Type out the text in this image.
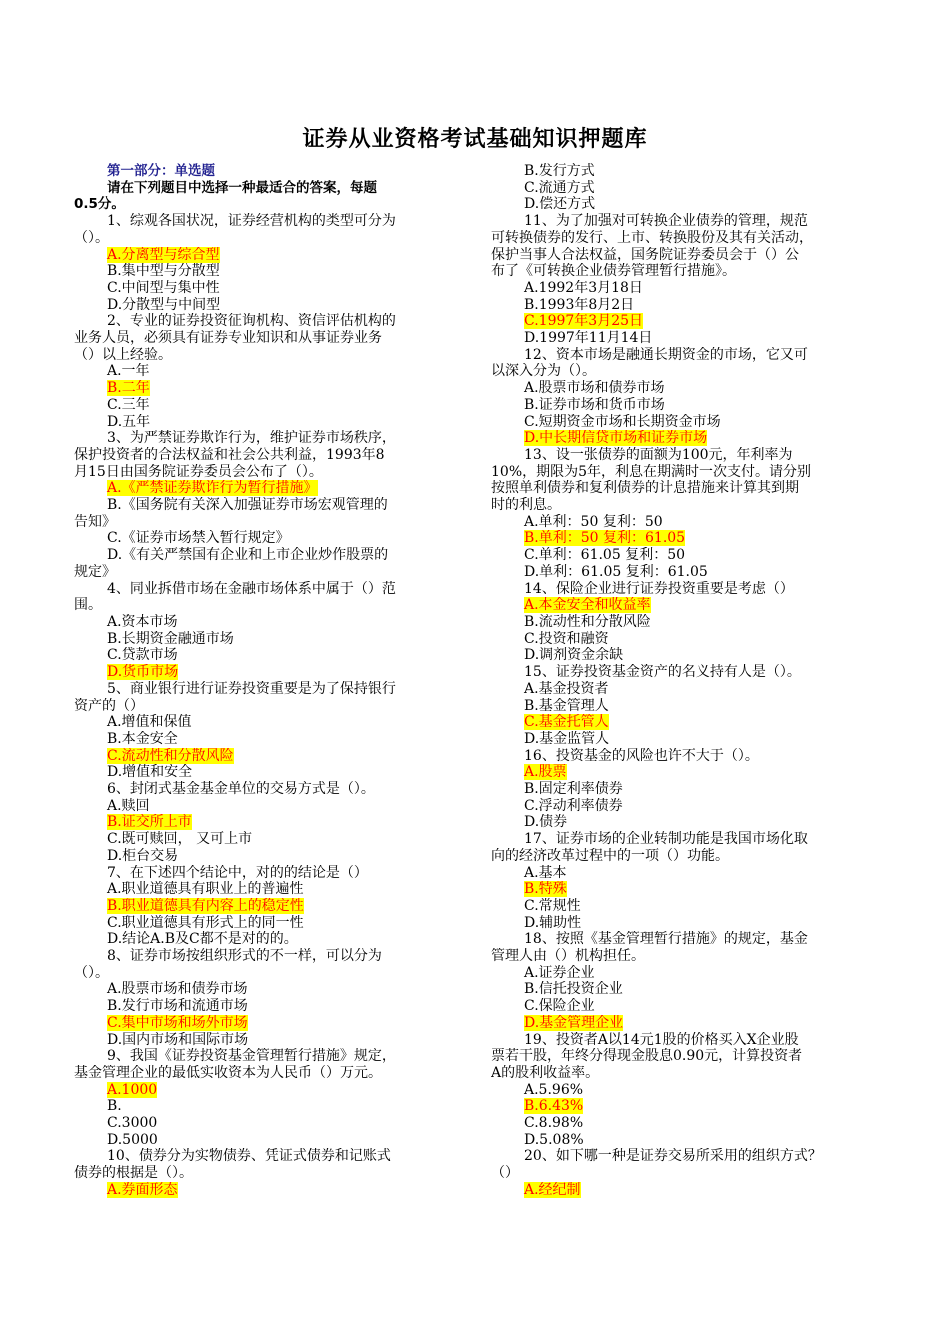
证券从业资格考试基础知识押题库
第一部分：单选题
请在下列题目中选择一种最适合的答案，每题
0.5分。
1、综观各国状况，证券经营机构的类型可分为
（）。
A.分离型与综合型
B.集中型与分散型
C.中间型与集中性
D.分散型与中间型
2、专业的证券投资征询机构、资信评估机构的
业务人员，必须具有证券专业知识和从事证券业务
（）以上经验。
A.一年
B.二年
C.三年
D.五年
3、为严禁证券欺诈行为，维护证券市场秩序，
保护投资者的合法权益和社会公共利益，1993年8
月15日由国务院证券委员会公布了（）。
A.《严禁证券欺诈行为暂行措施》
B.《国务院有关深入加强证券市场宏观管理的
告知》
C.《证券市场禁入暂行规定》
D.《有关严禁国有企业和上市企业炒作股票的
规定》
4、同业拆借市场在金融市场体系中属于（）范
围。
A.资本市场
B.长期资金融通市场
C.贷款市场
D.货币市场
5、商业银行进行证券投资重要是为了保持银行
资产的（）
A.增值和保值
B.本金安全
C.流动性和分散风险
D.增值和安全
6、封闭式基金基金单位的交易方式是（）。
A.赎回
B.证交所上市
C.既可赎回， 又可上市
D.柜台交易
7、在下述四个结论中，对的的结论是（）
A.职业道德具有职业上的普遍性
B.职业道德具有内容上的稳定性
C.职业道德具有形式上的同一性
D.结论A.B及C都不是对的的。
8、证券市场按组织形式的不一样，可以分为
（）。
A.股票市场和债券市场
B.发行市场和流通市场
C.集中市场和场外市场
D.国内市场和国际市场
9、我国《证券投资基金管理暂行措施》规定，
基金管理企业的最低实收资本为人民币（）万元。
A.1000
B.
C.3000
D.5000
10、债券分为实物债券、凭证式债券和记账式
债券的根据是（）。
A.券面形态
B.发行方式
C.流通方式
D.偿还方式
11、为了加强对可转换企业债券的管理，规范
可转换债券的发行、上市、转换股份及其有关活动，
保护当事人合法权益，国务院证券委员会于（）公
布了《可转换企业债券管理暂行措施》。
A.1992年3月18日
B.1993年8月2日
C.1997年3月25日
D.1997年11月14日
12、资本市场是融通长期资金的市场，它又可
以深入分为（）。
A.股票市场和债券市场
B.证券市场和货币市场
C.短期资金市场和长期资金市场
D.中长期信贷市场和证券市场
13、设一张债券的面额为100元，年利率为
10%，期限为5年，利息在期满时一次支付。请分别
按照单利债券和复利债券的计息措施来计算其到期
时的利息。
A.单利：50 复利：50
B.单利：50 复利：61.05
C.单利：61.05 复利：50
D.单利：61.05 复利：61.05
14、保险企业进行证券投资重要是考虑（）
A.本金安全和收益率
B.流动性和分散风险
C.投资和融资
D.调剂资金余缺
15、证券投资基金资产的名义持有人是（）。
A.基金投资者
B.基金管理人
C.基金托管人
D.基金监管人
16、投资基金的风险也许不大于（）。
A.股票
B.固定利率债券
C.浮动利率债券
D.债券
17、证券市场的企业转制功能是我国市场化取
向的经济改革过程中的一项（）功能。
A.基本
B.特殊
C.常规性
D.辅助性
18、按照《基金管理暂行措施》的规定，基金
管理人由（）机构担任。
A.证券企业
B.信托投资企业
C.保险企业
D.基金管理企业
19、投资者A以14元1股的价格买入X企业股
票若干股，年终分得现金股息0.90元，计算投资者
A的股利收益率。
A.5.96%
B.6.43%
C.8.98%
D.5.08%
20、如下哪一种是证券交易所采用的组织方式？
（）
A.经纪制
